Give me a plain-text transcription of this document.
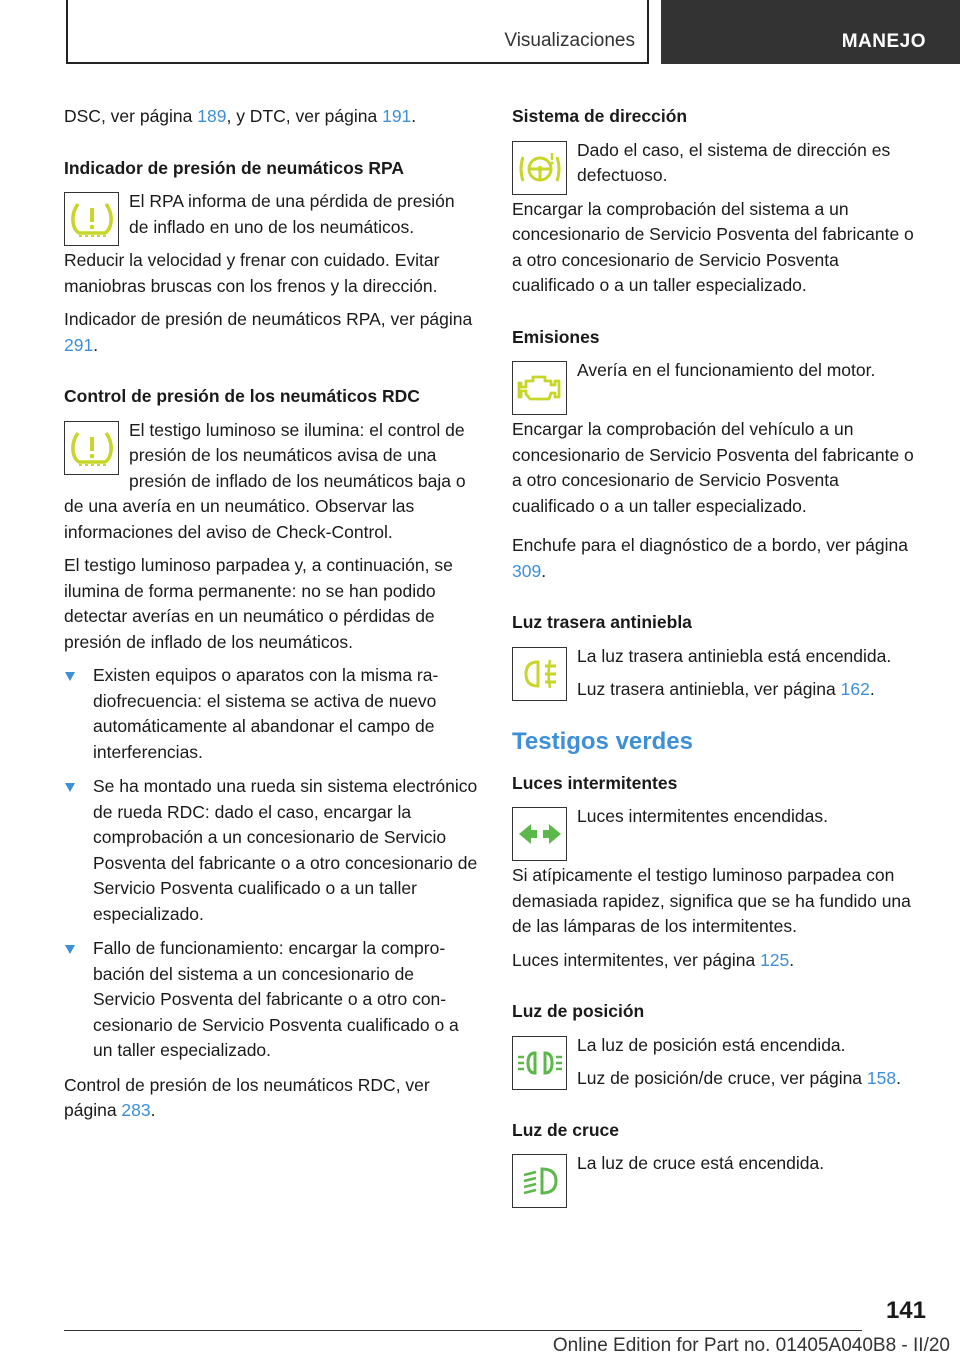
Visualizaciones	MANEJO

DSC, ver página 189, y DTC, ver página 191.

Indicador de presión de neumáticos RPA

El RPA informa de una pérdida de presión de inflado en uno de los neumáticos.

Reducir la velocidad y frenar con cuidado. Evitar maniobras bruscas con los frenos y la dirección.

Indicador de presión de neumáticos RPA, ver página 291.

Control de presión de los neumáticos RDC

El testigo luminoso se ilumina: el control de presión de los neumáticos avisa de una presión de inflado de los neumáticos baja o de una avería en un neumático. Observar las informaciones del aviso de Check-Control.

El testigo luminoso parpadea y, a continuación, se ilumina de forma permanente: no se han podido detectar averías en un neumático o pérdidas de presión de inflado de los neumáticos.

Existen equipos o aparatos con la misma radiofrecuencia: el sistema se activa de nuevo automáticamente al abandonar el campo de interferencias.
Se ha montado una rueda sin sistema electrónico de rueda RDC: dado el caso, encargar la comprobación a un concesionario de Servicio Posventa del fabricante o a otro concesionario de Servicio Posventa cualificado o a un taller especializado.
Fallo de funcionamiento: encargar la comprobación del sistema a un concesionario de Servicio Posventa del fabricante o a otro concesionario de Servicio Posventa cualificado o a un taller especializado.

Control de presión de los neumáticos RDC, ver página 283.

Sistema de dirección

Dado el caso, el sistema de dirección es defectuoso.

Encargar la comprobación del sistema a un concesionario de Servicio Posventa del fabricante o a otro concesionario de Servicio Posventa cualificado o a un taller especializado.

Emisiones

Avería en el funcionamiento del motor.

Encargar la comprobación del vehículo a un concesionario de Servicio Posventa del fabricante o a otro concesionario de Servicio Posventa cualificado o a un taller especializado.

Enchufe para el diagnóstico de a bordo, ver página 309.

Luz trasera antiniebla

La luz trasera antiniebla está encendida.

Luz trasera antiniebla, ver página 162.

Testigos verdes
Luces intermitentes

Luces intermitentes encendidas.

Si atípicamente el testigo luminoso parpadea con demasiada rapidez, significa que se ha fundido una de las lámparas de los intermitentes.

Luces intermitentes, ver página 125.

Luz de posición

La luz de posición está encendida.

Luz de posición/de cruce, ver página 158.

Luz de cruce

La luz de cruce está encendida.

141
Online Edition for Part no. 01405A040B8 - II/20
